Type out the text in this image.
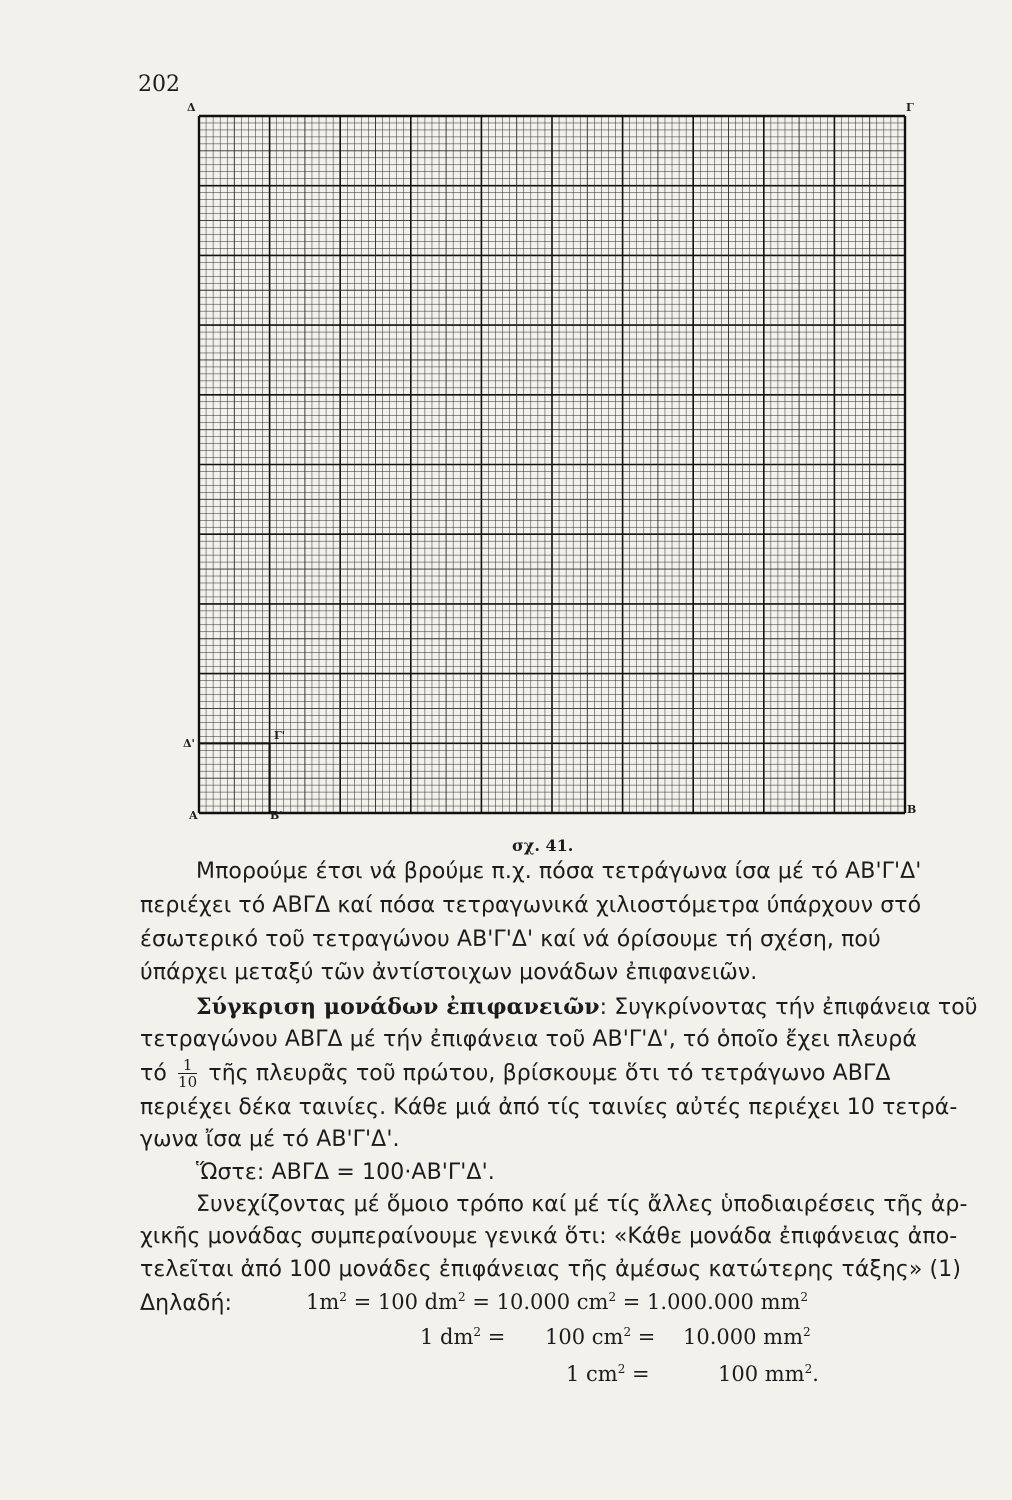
202
Δ	Γ
A	B
Δ'
Γ'
B'
σχ. 41.
Μπορούμε έτσι νά βρούμε π.χ. πόσα τετράγωνα ίσα μέ τό ΑΒ'Γ'Δ'
περιέχει τό ΑΒΓΔ καί πόσα τετραγωνικά χιλιοστόμετρα ύπάρχουν στό
έσωτερικό τοῦ τετραγώνου ΑΒ'Γ'Δ' καί νά όρίσουμε τή σχέση, πού
ύπάρχει μεταξύ τῶν ἀντίστοιχων μονάδων ἐπιφανειῶν.
Σύγκριση μονάδων ἐπιφανειῶν: Συγκρίνοντας τήν ἐπιφάνεια τοῦ
τετραγώνου ΑΒΓΔ μέ τήν ἐπιφάνεια τοῦ ΑΒ'Γ'Δ', τό ὁποῖο ἔχει πλευρά
τό $\frac{1}{10}$ τῆς πλευρᾶς τοῦ πρώτου, βρίσκουμε ὅτι τό τετράγωνο ΑΒΓΔ
περιέχει δέκα ταινίες. Κάθε μιά ἀπό τίς ταινίες αὐτές περιέχει 10 τετρά-
γωνα ἴσα μέ τό ΑΒ'Γ'Δ'.
Ὥστε: ΑΒΓΔ = 100·ΑΒ'Γ'Δ'.
Συνεχίζοντας μέ ὅμοιο τρόπο καί μέ τίς ἄλλες ὑποδιαιρέσεις τῆς ἀρ-
χικῆς μονάδας συμπεραίνουμε γενικά ὅτι: «Κάθε μονάδα ἐπιφάνειας ἀπο-
τελεῖται ἀπό 100 μονάδες ἐπιφάνειας τῆς ἀμέσως κατώτερης τάξης» (1)
Δηλαδή:	$1m^2 = 100$ $dm^2 = 10.000$ $cm^2 = 1.000.000$ $mm^2$
1 $dm^2 = 100$ $cm^2 = 10.000$ $mm^2$
1 $cm^2$ =	100 $mm^2$.
